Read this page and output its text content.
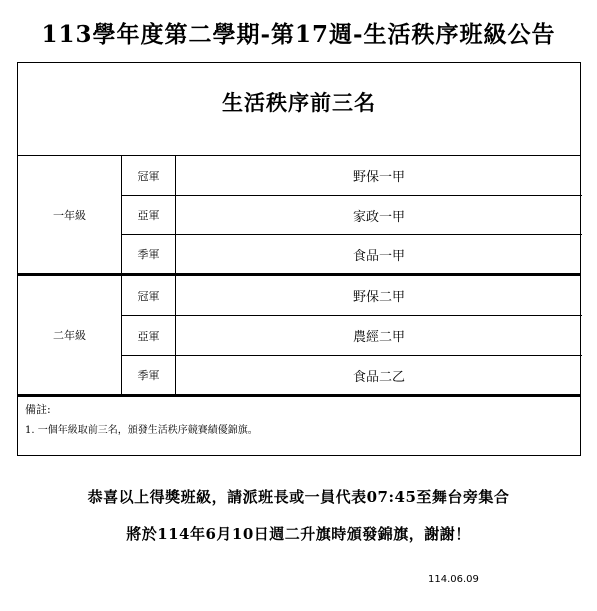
113學年度第二學期-第17週-生活秩序班級公告
生活秩序前三名
一年級
冠軍	野保一甲
亞軍	家政一甲
季軍	食品一甲
二年級
冠軍	野保二甲
亞軍	農經二甲
季軍	食品二乙
備註:
1. 一個年級取前三名，頒發生活秩序競賽績優錦旗。
恭喜以上得獎班級，請派班長或一員代表07:45至舞台旁集合
將於114年6月10日週二升旗時頒發錦旗，謝謝！
114.06.09
